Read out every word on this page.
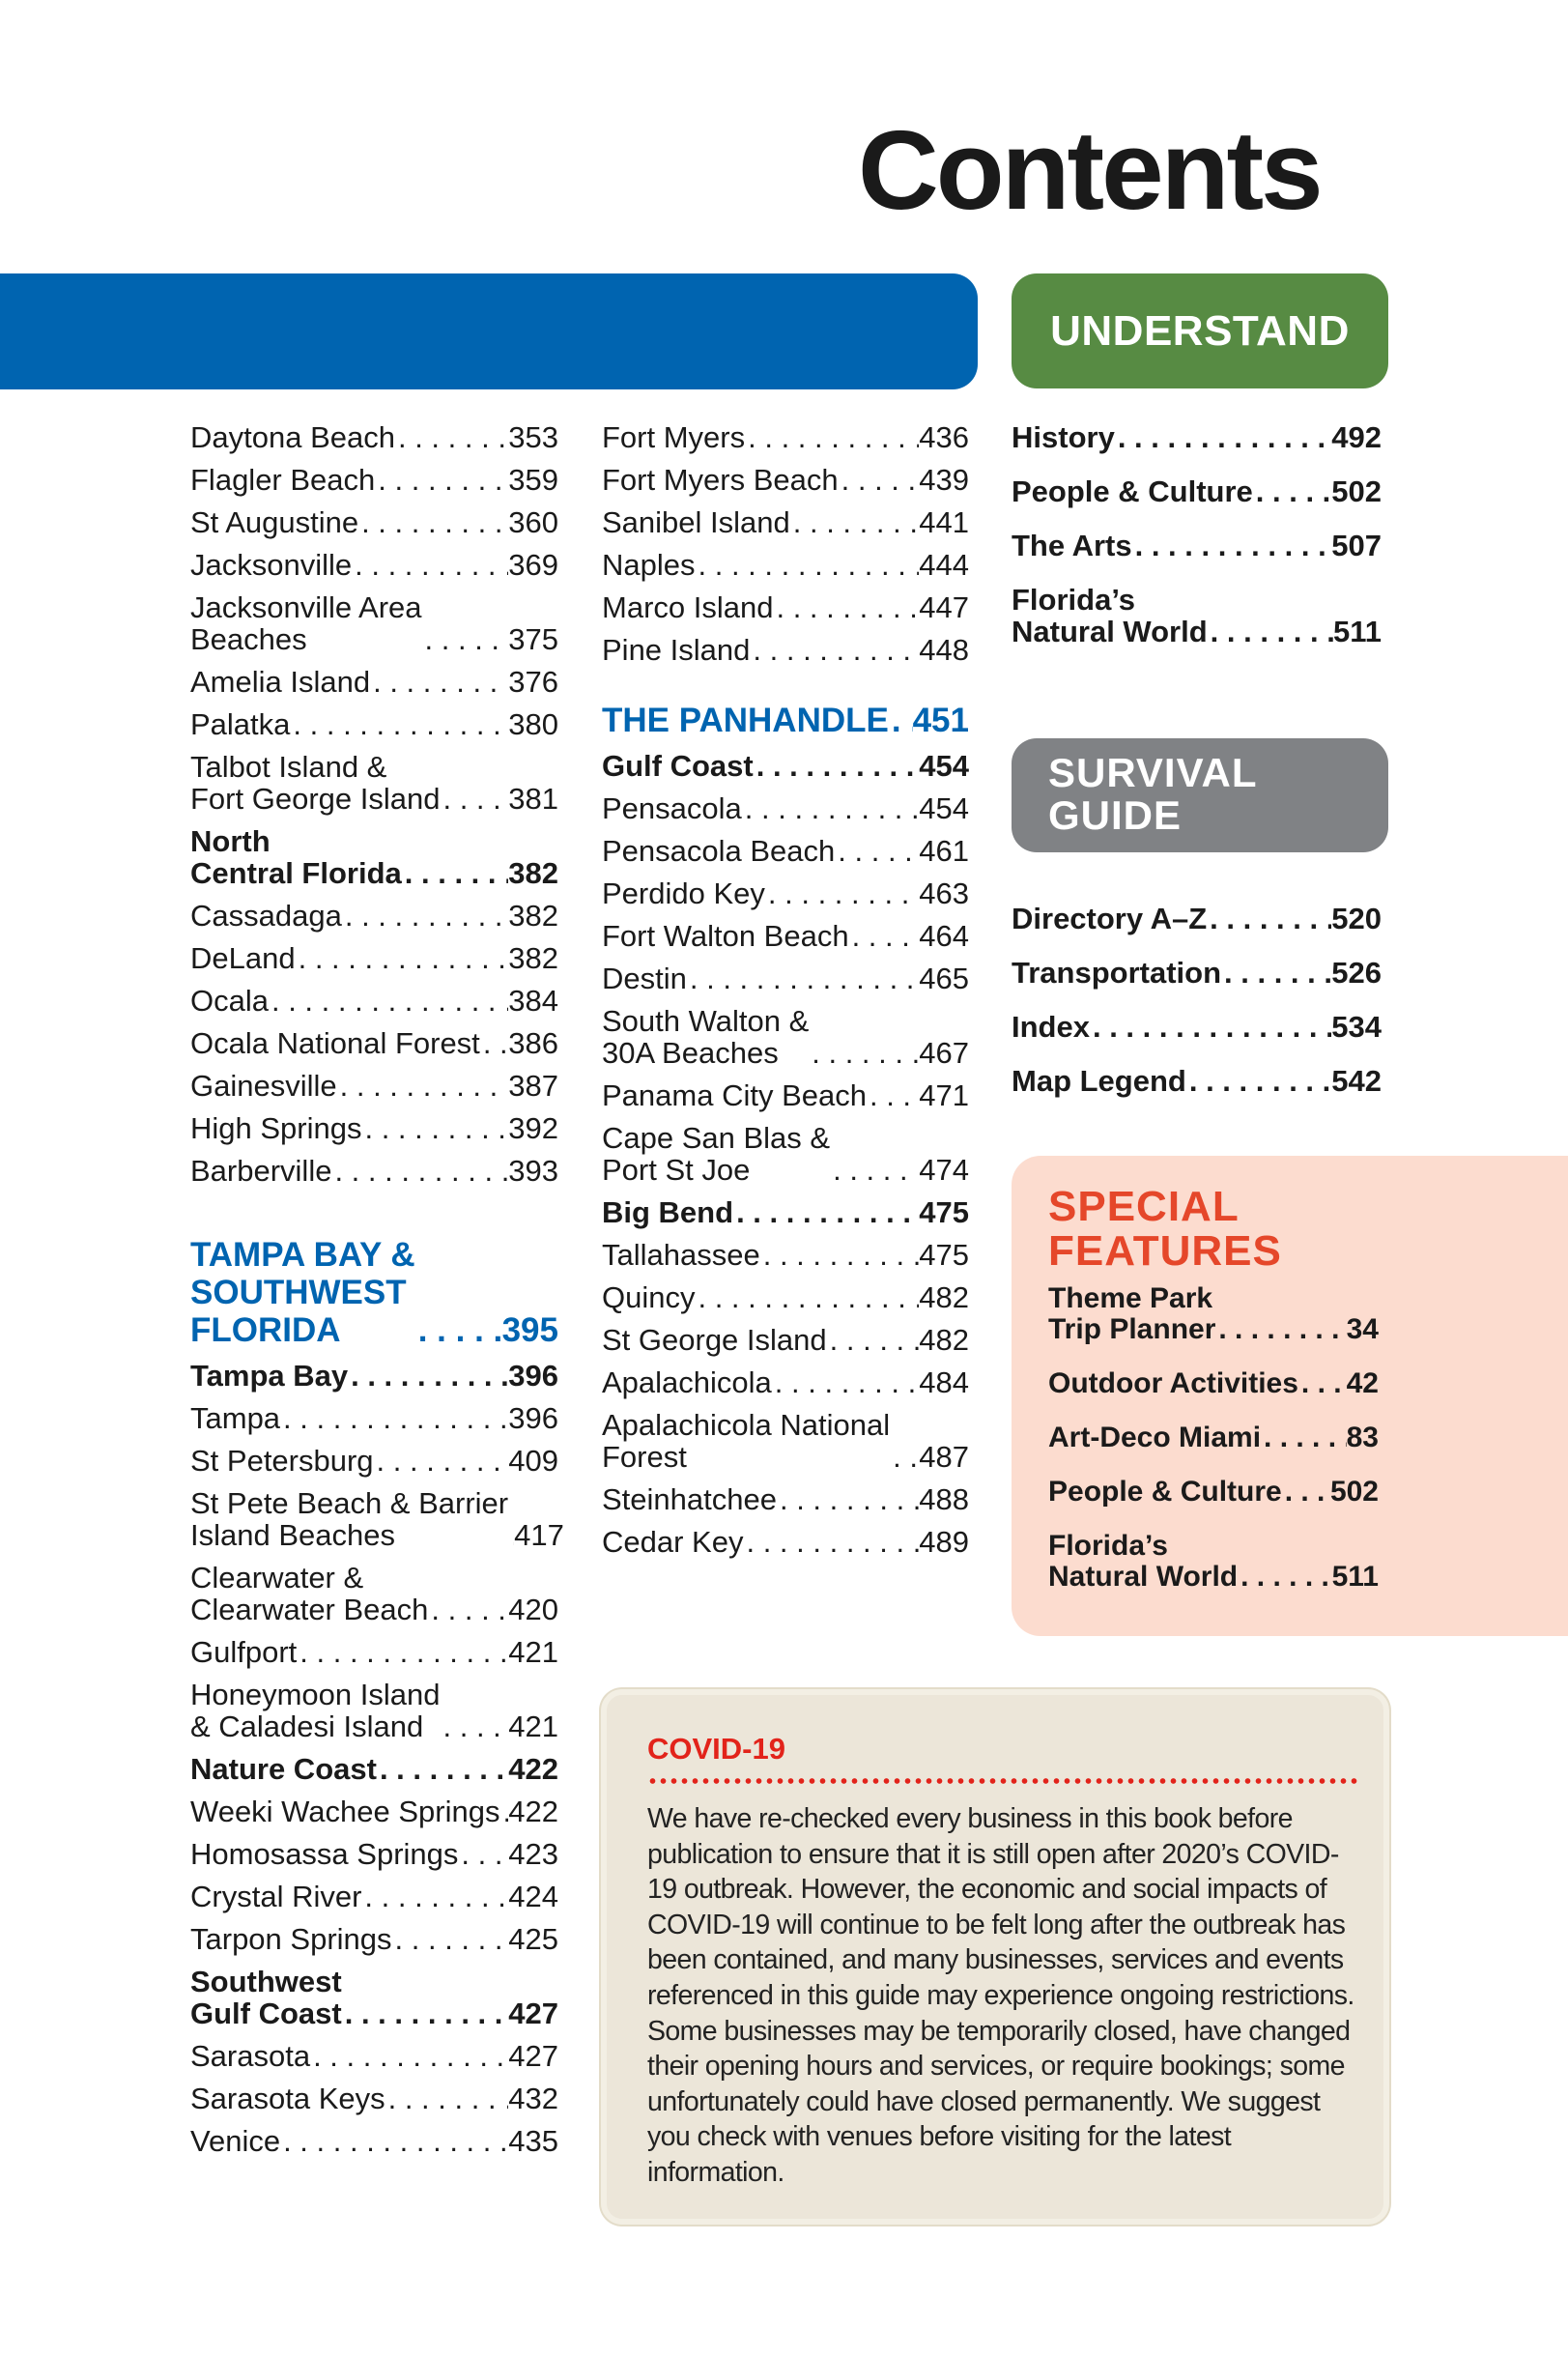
Contents
UNDERSTAND
Daytona Beach . . .	353
Flagler Beach . . .	359
St Augustine . . .	360
Jacksonville . . .	369
Jacksonville Area
Beaches . . .	375
Amelia Island . . .	376
Palatka . . .	380
Talbot Island &
Fort George Island . . . 381
North
Central Florida . . .	382
Cassadaga . . .	382
DeLand . . .	382
Ocala . . .	384
Ocala National Forest . . . 386
Gainesville . . .	387
High Springs . . .	392
Barberville . . .	393
TAMPA BAY &
SOUTHWEST
FLORIDA . . .	395
Tampa Bay . . .	396
Tampa . . .	396
St Petersburg . . .	409
St Pete Beach & Barrier
Island Beaches . . .	417
Clearwater &
Clearwater Beach . . .	420
Gulfport . . .	421
Honeymoon Island
& Caladesi Island . . .	421
Nature Coast . . .	422
Weeki Wachee Springs . . . 422
Homosassa Springs . . . 423
Crystal River . . .	424
Tarpon Springs . . .	425
Southwest
Gulf Coast . . .	427
Sarasota . . .	427
Sarasota Keys . . .	432
Venice . . .	435
Fort Myers . . .	436
Fort Myers Beach . . .	439
Sanibel Island . . .	441
Naples . . .	444
Marco Island . . .	447
Pine Island . . .	448
THE PANHANDLE . . . 451
Gulf Coast . . .	454
Pensacola . . .	454
Pensacola Beach . . .	461
Perdido Key . . .	463
Fort Walton Beach . . . 464
Destin . . .	465
South Walton &
30A Beaches . . .	467
Panama City Beach . . . 471
Cape San Blas &
Port St Joe . . .	474
Big Bend . . .	475
Tallahassee . . .	475
Quincy . . .	482
St George Island . . .	482
Apalachicola . . .	484
Apalachicola National
Forest . . .	487
Steinhatchee . . .	488
Cedar Key . . .	489
History . . .	492
People & Culture . . .	502
The Arts . . .	507
Florida’s
Natural World . . .	511
SURVIVAL
GUIDE
Directory A–Z . . .	520
Transportation . . .	526
Index . . .	534
Map Legend . . .	542
SPECIAL
FEATURES
Theme Park
Trip Planner . . .	34
Outdoor Activities . . . 42
Art-Deco Miami . . .	83
People & Culture . . . 502
Florida’s
Natural World . . .	511
COVID-19
We have re-checked every business in this book before publication to ensure that it is still open after 2020’s COVID-19 outbreak. However, the economic and social impacts of COVID-19 will continue to be felt long after the outbreak has been contained, and many businesses, services and events referenced in this guide may experience ongoing restrictions. Some businesses may be temporarily closed, have changed their opening hours and services, or require bookings; some unfortunately could have closed permanently. We suggest you check with venues before visiting for the latest information.
